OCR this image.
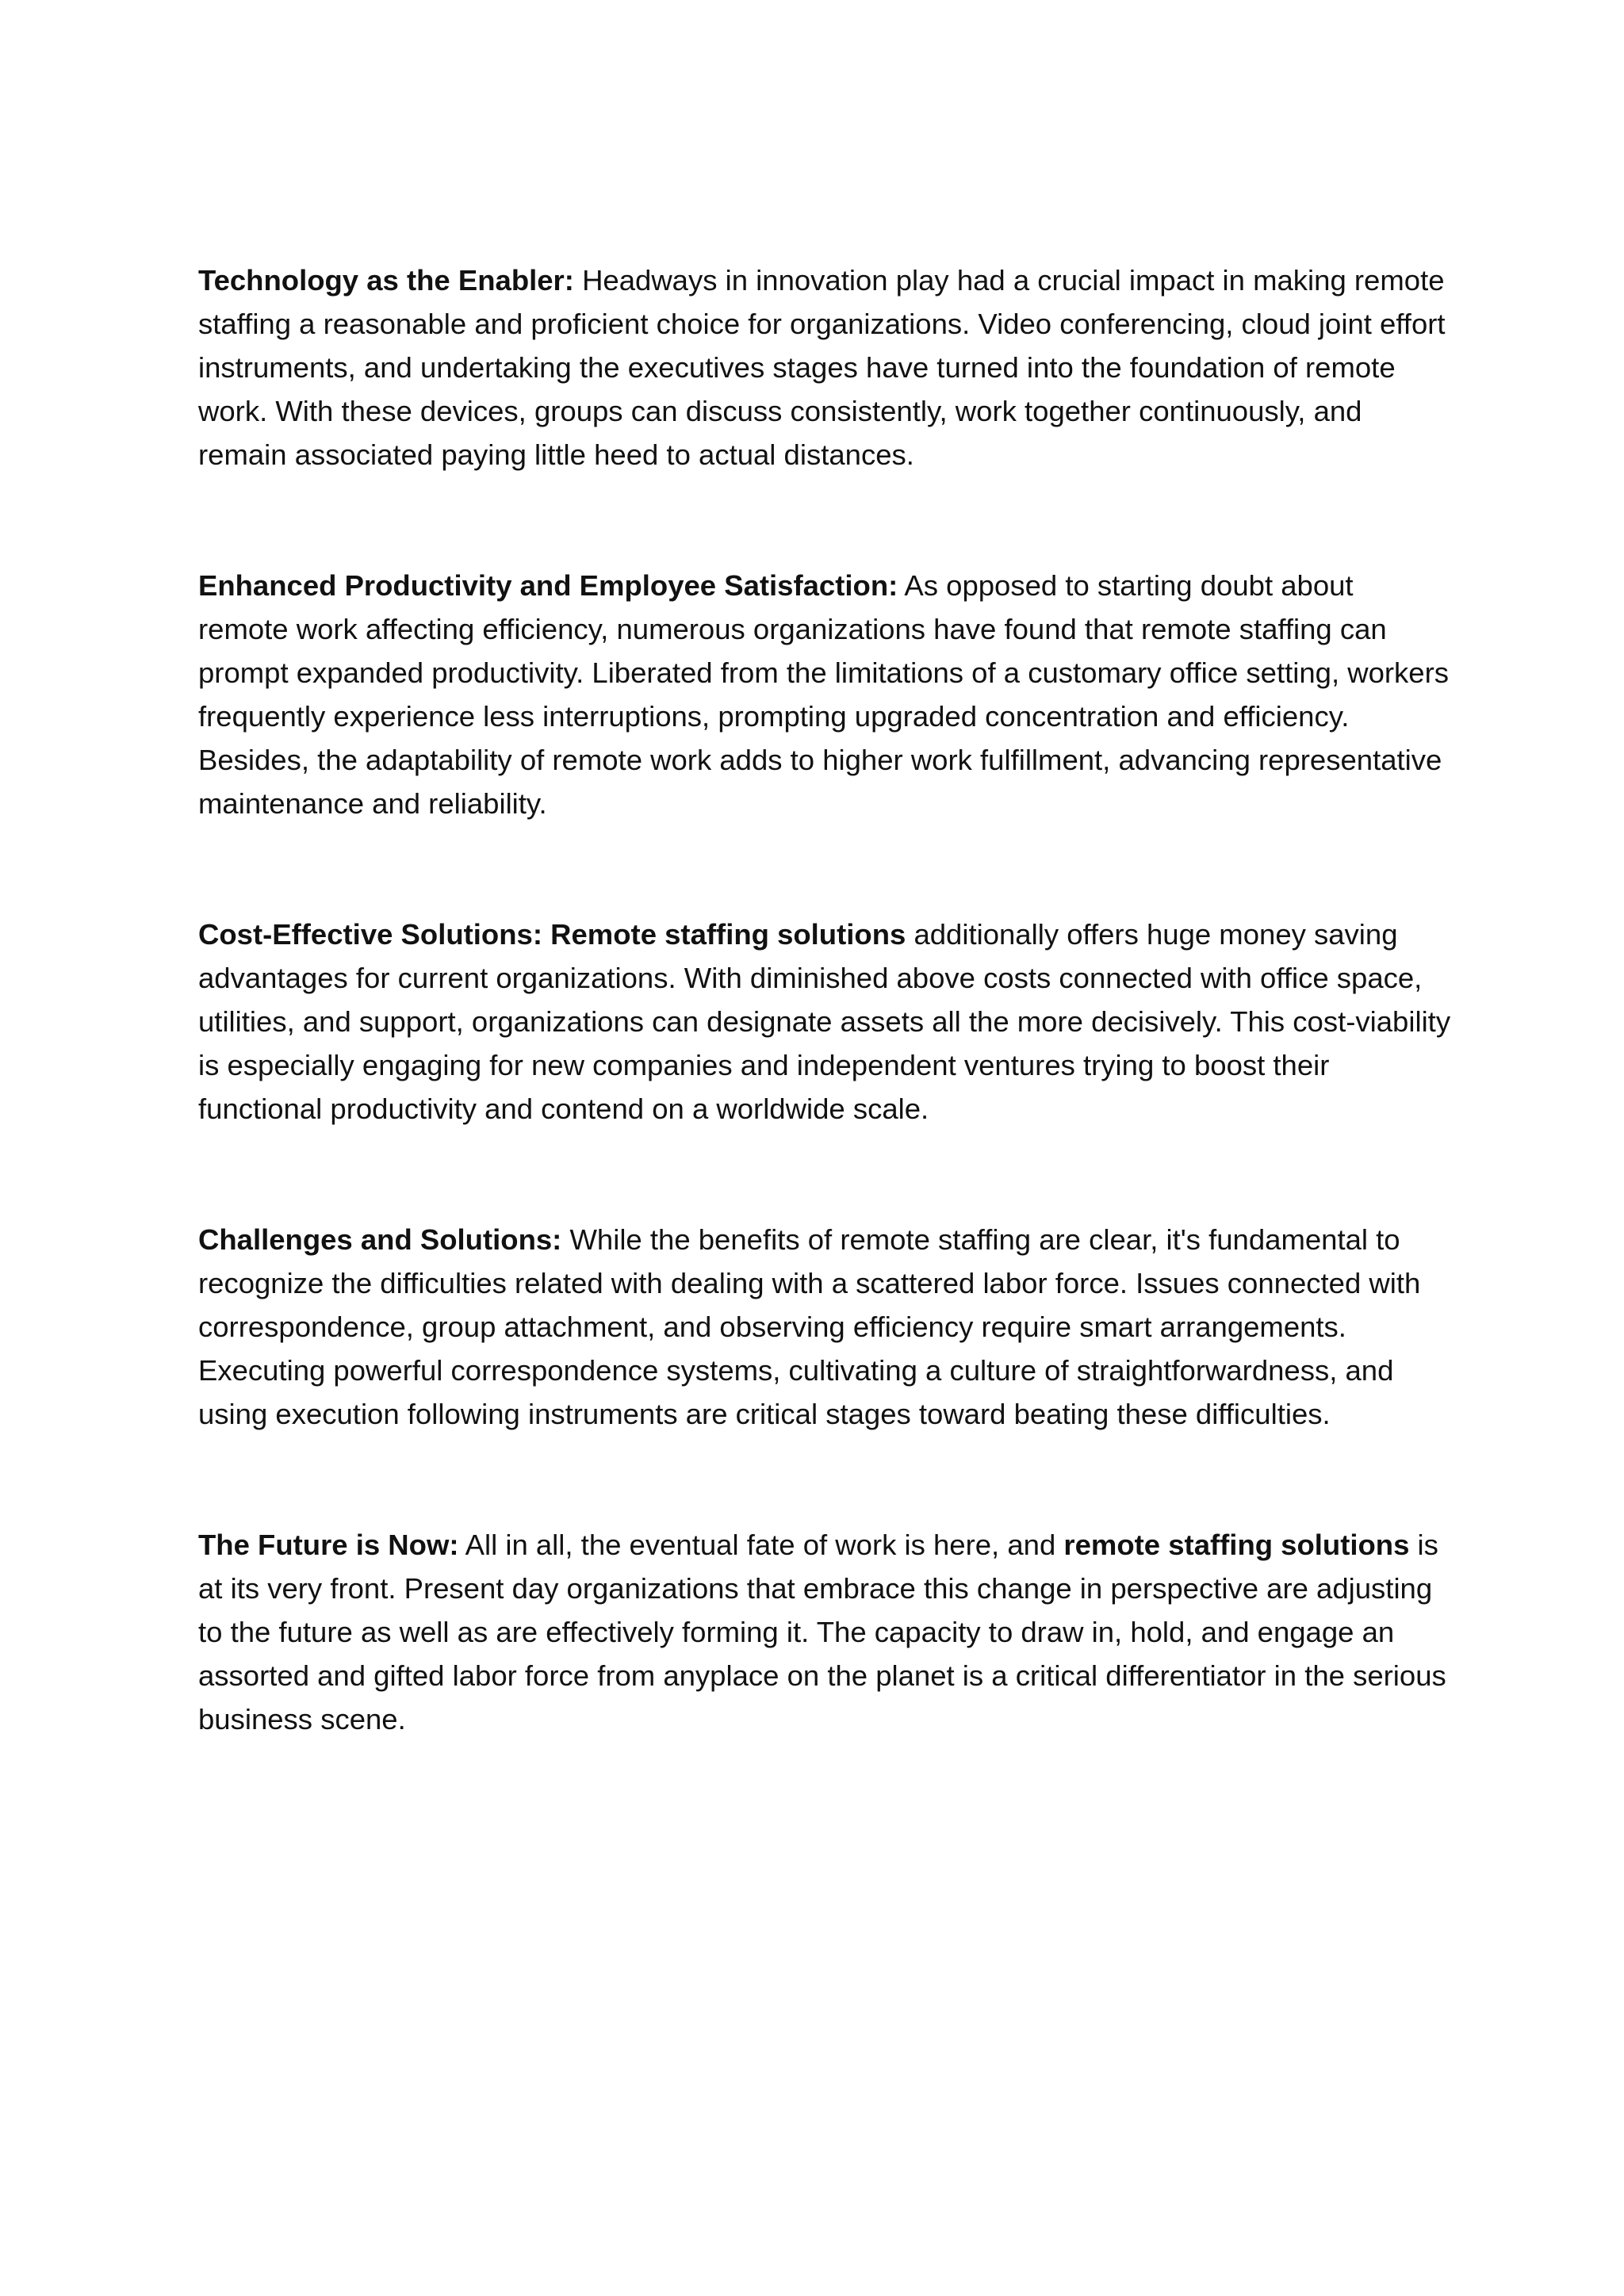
Technology as the Enabler: Headways in innovation play had a crucial impact in making remote staffing a reasonable and proficient choice for organizations. Video conferencing, cloud joint effort instruments, and undertaking the executives stages have turned into the foundation of remote work. With these devices, groups can discuss consistently, work together continuously, and remain associated paying little heed to actual distances.

Enhanced Productivity and Employee Satisfaction: As opposed to starting doubt about remote work affecting efficiency, numerous organizations have found that remote staffing can prompt expanded productivity. Liberated from the limitations of a customary office setting, workers frequently experience less interruptions, prompting upgraded concentration and efficiency. Besides, the adaptability of remote work adds to higher work fulfillment, advancing representative maintenance and reliability.

Cost-Effective Solutions: Remote staffing solutions additionally offers huge money saving advantages for current organizations. With diminished above costs connected with office space, utilities, and support, organizations can designate assets all the more decisively. This cost-viability is especially engaging for new companies and independent ventures trying to boost their functional productivity and contend on a worldwide scale.

Challenges and Solutions: While the benefits of remote staffing are clear, it's fundamental to recognize the difficulties related with dealing with a scattered labor force. Issues connected with correspondence, group attachment, and observing efficiency require smart arrangements. Executing powerful correspondence systems, cultivating a culture of straightforwardness, and using execution following instruments are critical stages toward beating these difficulties.

The Future is Now: All in all, the eventual fate of work is here, and remote staffing solutions is at its very front. Present day organizations that embrace this change in perspective are adjusting to the future as well as are effectively forming it. The capacity to draw in, hold, and engage an assorted and gifted labor force from anyplace on the planet is a critical differentiator in the serious business scene.
